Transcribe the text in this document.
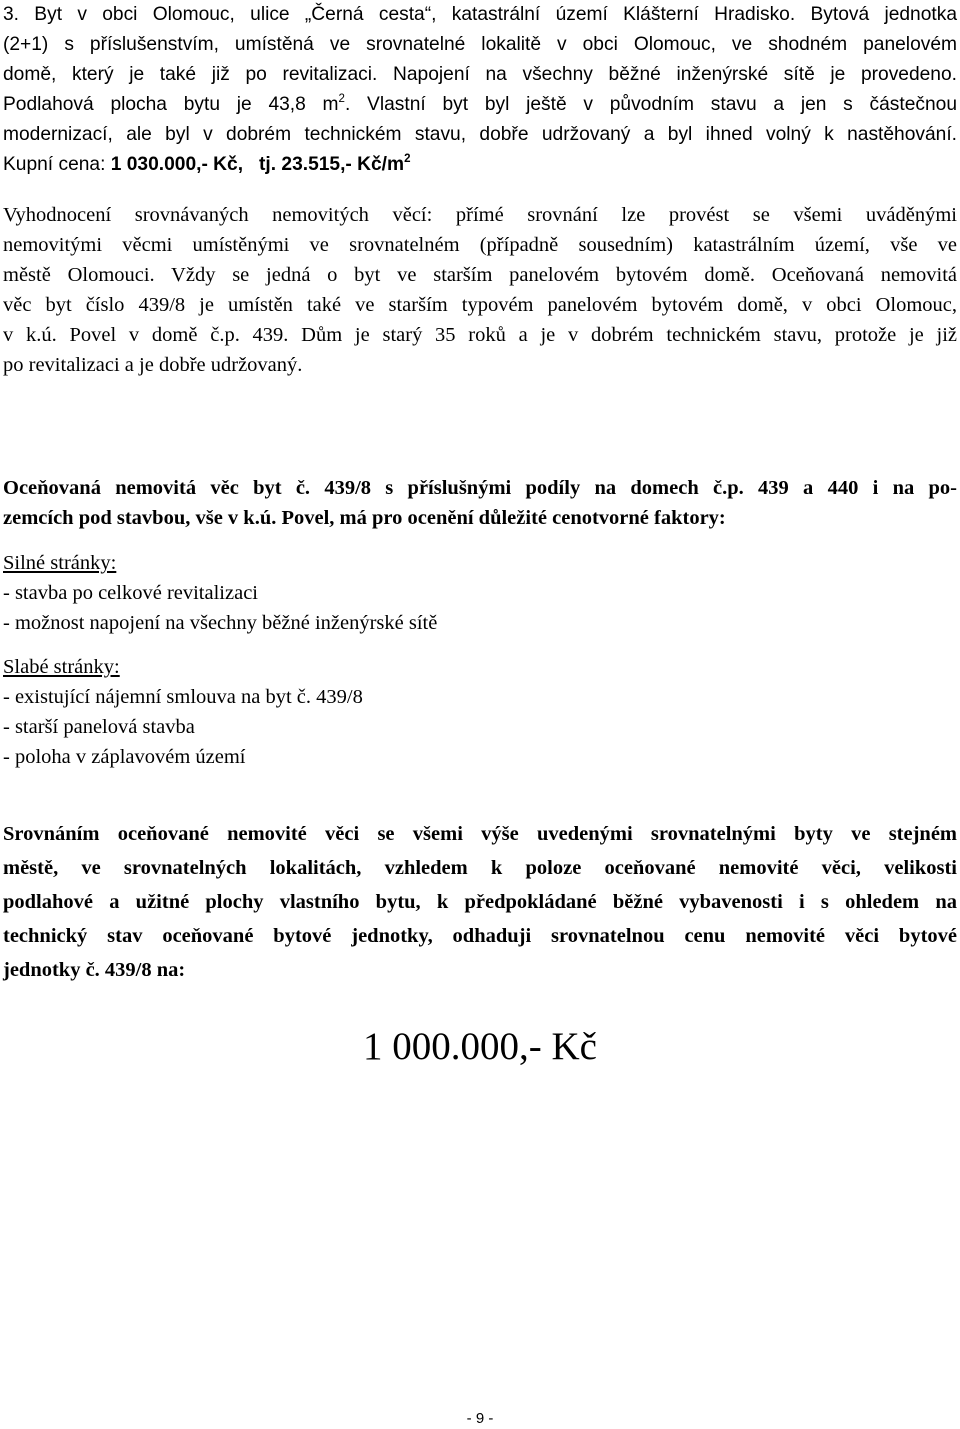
3. Byt v obci Olomouc, ulice „Černá cesta“, katastrální území Klášterní Hradisko. Bytová jednotka
(2+1) s příslušenstvím, umístěná ve srovnatelné lokalitě v obci Olomouc, ve shodném panelovém
domě, který je také již po revitalizaci. Napojení na všechny běžné inženýrské sítě je provedeno.
Podlahová plocha bytu je 43,8 $m^2$. Vlastní byt byl ještě v původním stavu a jen s částečnou
modernizací, ale byl v dobrém technickém stavu, dobře udržovaný a byl ihned volný k nastěhování.
Kupní cena: 1 030.000,- Kč,   tj. 23.515,- $Kč/m^2$
Vyhodnocení srovnávaných nemovitých věcí: přímé srovnání lze provést se všemi uváděnými
nemovitými věcmi umístěnými ve srovnatelném (případně sousedním) katastrálním území, vše ve
městě Olomouci. Vždy se jedná o byt ve starším panelovém bytovém domě. Oceňovaná nemovitá
věc byt číslo 439/8 je umístěn také ve starším typovém panelovém bytovém domě, v obci Olomouc,
v k.ú. Povel v domě č.p. 439. Dům je starý 35 roků a je v dobrém technickém stavu, protože je již
po revitalizaci a je dobře udržovaný.
Oceňovaná nemovitá věc byt č. 439/8 s příslušnými podíly na domech č.p. 439 a 440 i na po-
zemcích pod stavbou, vše v k.ú. Povel, má pro ocenění důležité cenotvorné faktory:
Silné stránky:
- stavba po celkové revitalizaci
- možnost napojení na všechny běžné inženýrské sítě
Slabé stránky:
- existující nájemní smlouva na byt č. 439/8
- starší panelová stavba
- poloha v záplavovém území
Srovnáním oceňované nemovité věci se všemi výše uvedenými srovnatelnými byty ve stejném
městě, ve srovnatelných lokalitách, vzhledem k poloze oceňované nemovité věci, velikosti
podlahové a užitné plochy vlastního bytu, k předpokládané běžné vybavenosti i s ohledem na
technický stav oceňované bytové jednotky, odhaduji srovnatelnou cenu nemovité věci bytové
jednotky č. 439/8 na:
1 000.000,- Kč
- 9 -
